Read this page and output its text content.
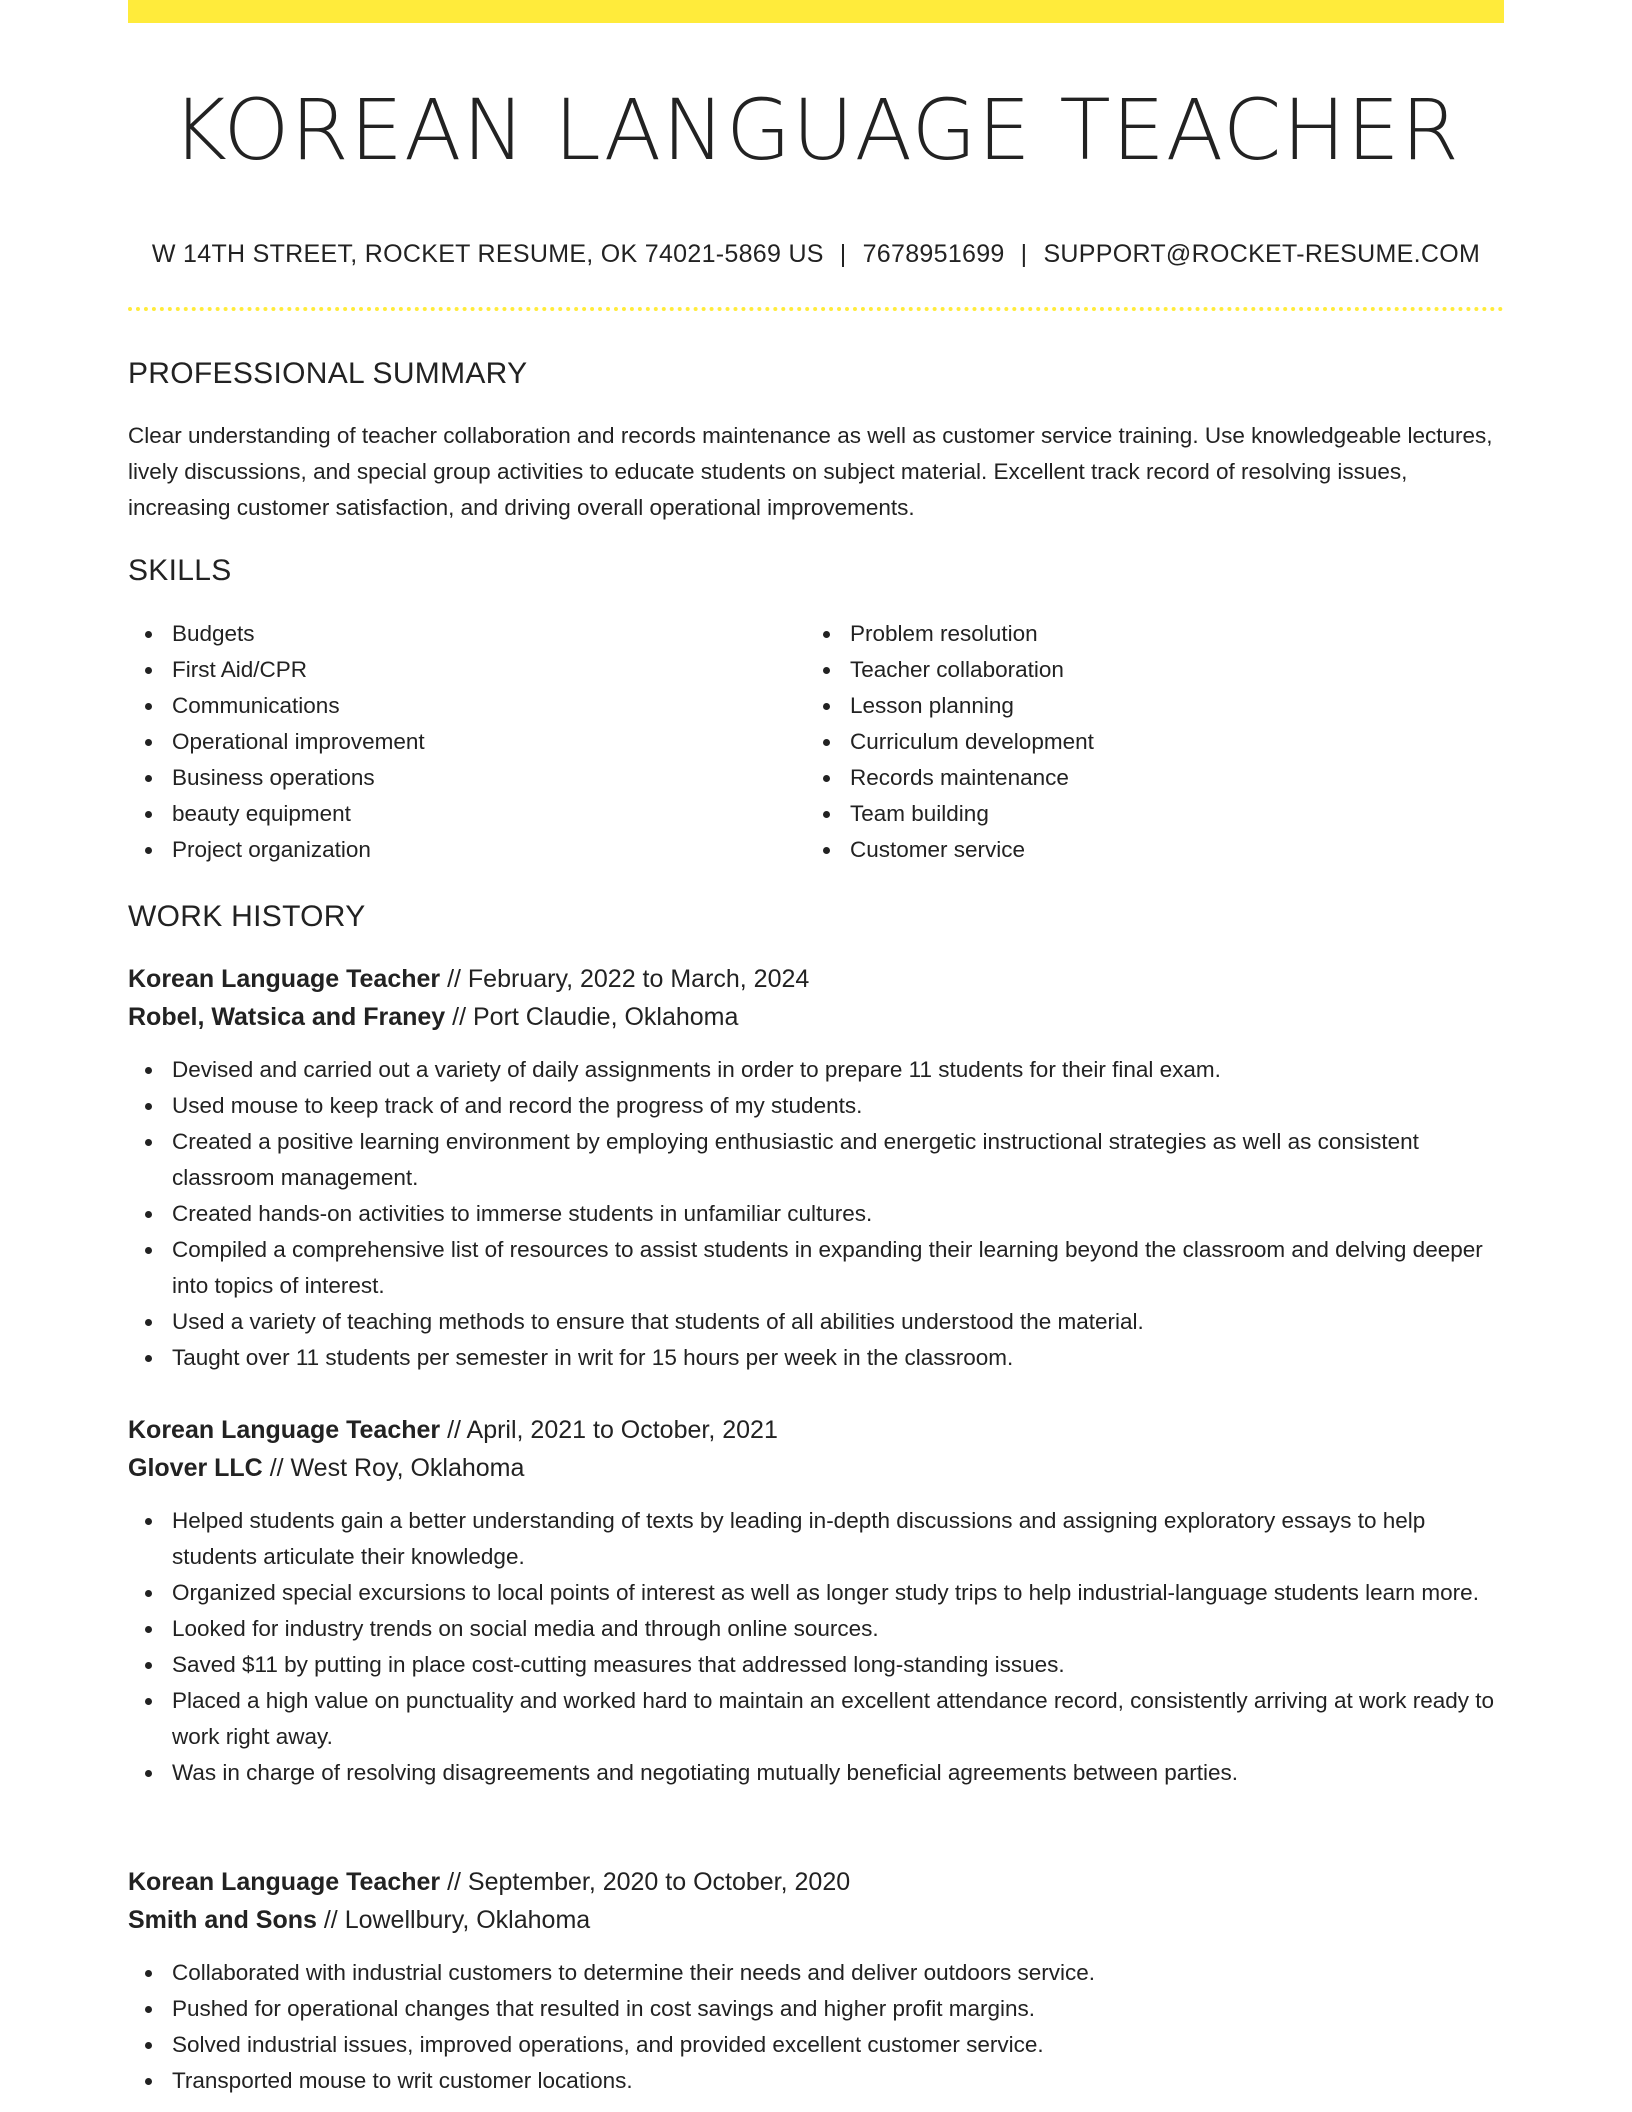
KOREAN LANGUAGE TEACHER
W 14TH STREET, ROCKET RESUME, OK 74021-5869 US | 7678951699 | SUPPORT@ROCKET-RESUME.COM
PROFESSIONAL SUMMARY

Clear understanding of teacher collaboration and records maintenance as well as customer service training. Use knowledgeable lectures, lively discussions, and special group activities to educate students on subject material. Excellent track record of resolving issues, increasing customer satisfaction, and driving overall operational improvements.

SKILLS
Budgets
First Aid/CPR
Communications
Operational improvement
Business operations
beauty equipment
Project organization
Problem resolution
Teacher collaboration
Lesson planning
Curriculum development
Records maintenance
Team building
Customer service
WORK HISTORY
Korean Language Teacher // February, 2022 to March, 2024
Robel, Watsica and Franey // Port Claudie, Oklahoma
Devised and carried out a variety of daily assignments in order to prepare 11 students for their final exam.
Used mouse to keep track of and record the progress of my students.
Created a positive learning environment by employing enthusiastic and energetic instructional strategies as well as consistent classroom management.
Created hands-on activities to immerse students in unfamiliar cultures.
Compiled a comprehensive list of resources to assist students in expanding their learning beyond the classroom and delving deeper into topics of interest.
Used a variety of teaching methods to ensure that students of all abilities understood the material.
Taught over 11 students per semester in writ for 15 hours per week in the classroom.
Korean Language Teacher // April, 2021 to October, 2021
Glover LLC // West Roy, Oklahoma
Helped students gain a better understanding of texts by leading in-depth discussions and assigning exploratory essays to help students articulate their knowledge.
Organized special excursions to local points of interest as well as longer study trips to help industrial-language students learn more.
Looked for industry trends on social media and through online sources.
Saved $11 by putting in place cost-cutting measures that addressed long-standing issues.
Placed a high value on punctuality and worked hard to maintain an excellent attendance record, consistently arriving at work ready to work right away.
Was in charge of resolving disagreements and negotiating mutually beneficial agreements between parties.
Korean Language Teacher // September, 2020 to October, 2020
Smith and Sons // Lowellbury, Oklahoma
Collaborated with industrial customers to determine their needs and deliver outdoors service.
Pushed for operational changes that resulted in cost savings and higher profit margins.
Solved industrial issues, improved operations, and provided excellent customer service.
Transported mouse to writ customer locations.
